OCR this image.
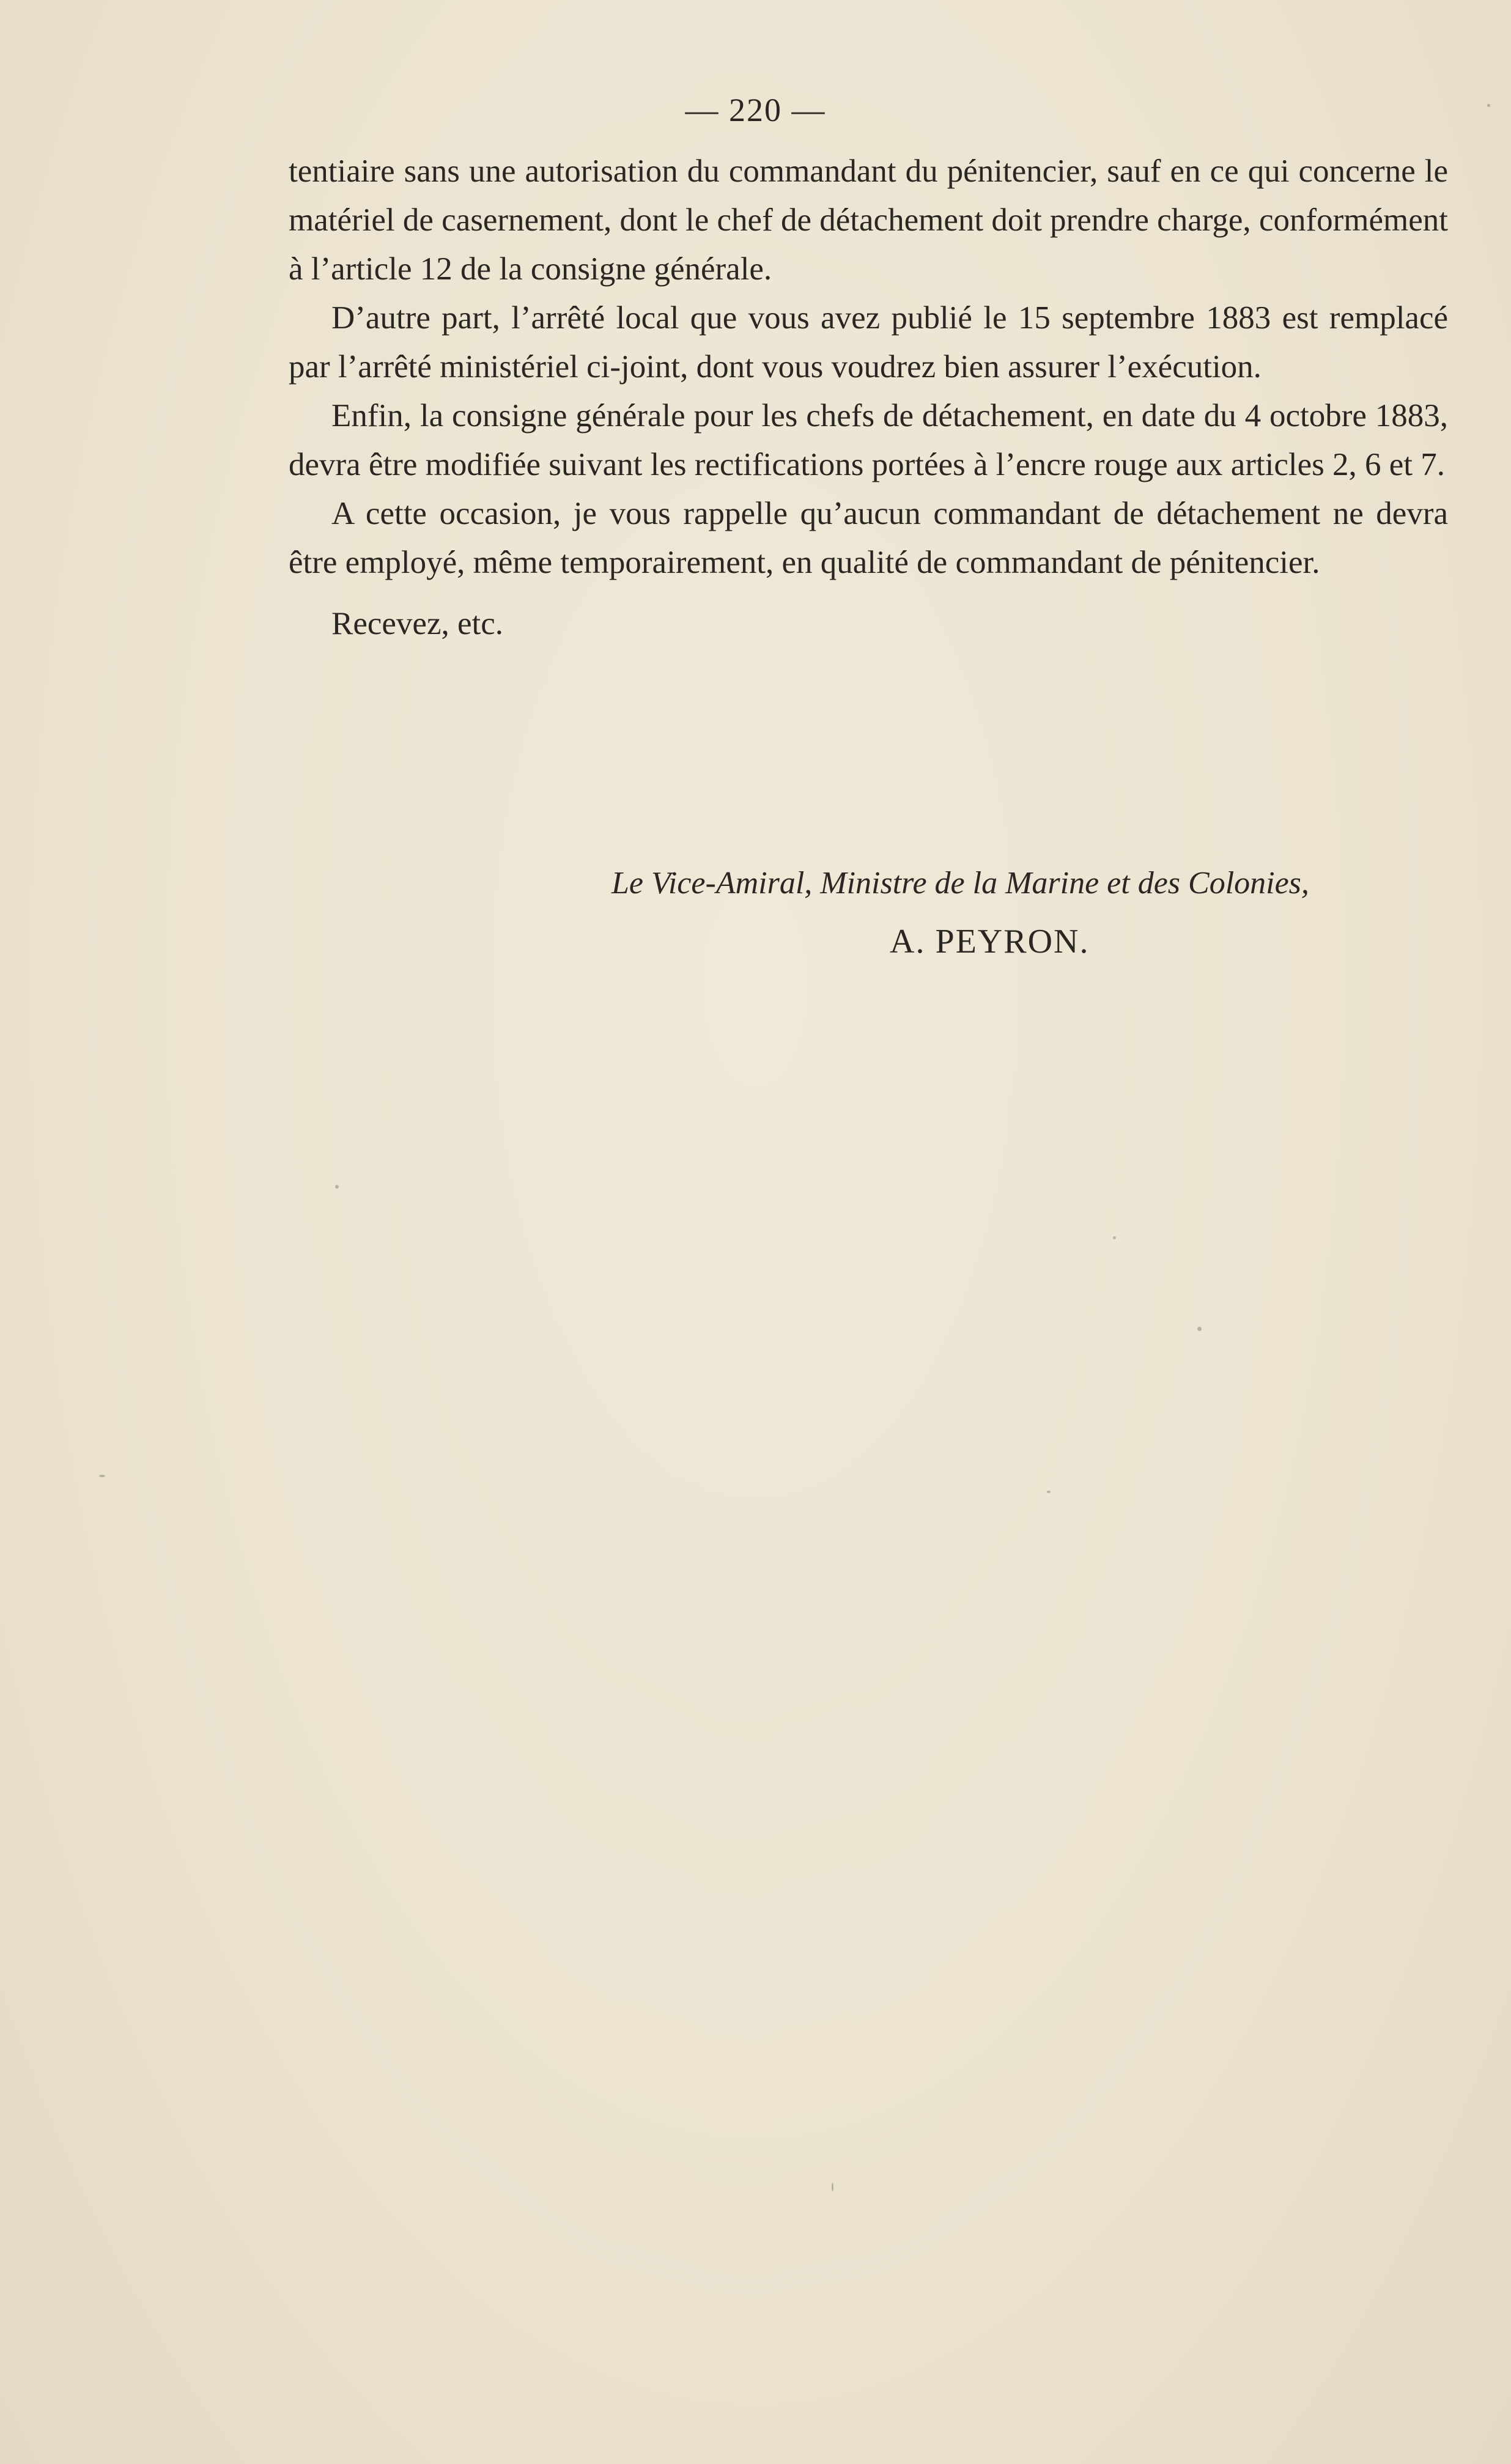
— 220 —

tentiaire sans une autorisation du commandant du pénitencier, sauf en ce qui concerne le matériel de casernement, dont le chef de détachement doit prendre charge, conformément à l’article 12 de la consigne générale.

D’autre part, l’arrêté local que vous avez publié le 15 septembre 1883 est remplacé par l’arrêté ministériel ci-joint, dont vous voudrez bien assurer l’exécution.

Enfin, la consigne générale pour les chefs de détachement, en date du 4 octobre 1883, devra être modifiée suivant les rectifications portées à l’encre rouge aux articles 2, 6 et 7.

A cette occasion, je vous rappelle qu’aucun commandant de détachement ne devra être employé, même temporairement, en qualité de commandant de pénitencier.

Recevez, etc.

Le Vice-Amiral, Ministre de la Marine et des Colonies,
A. PEYRON.
